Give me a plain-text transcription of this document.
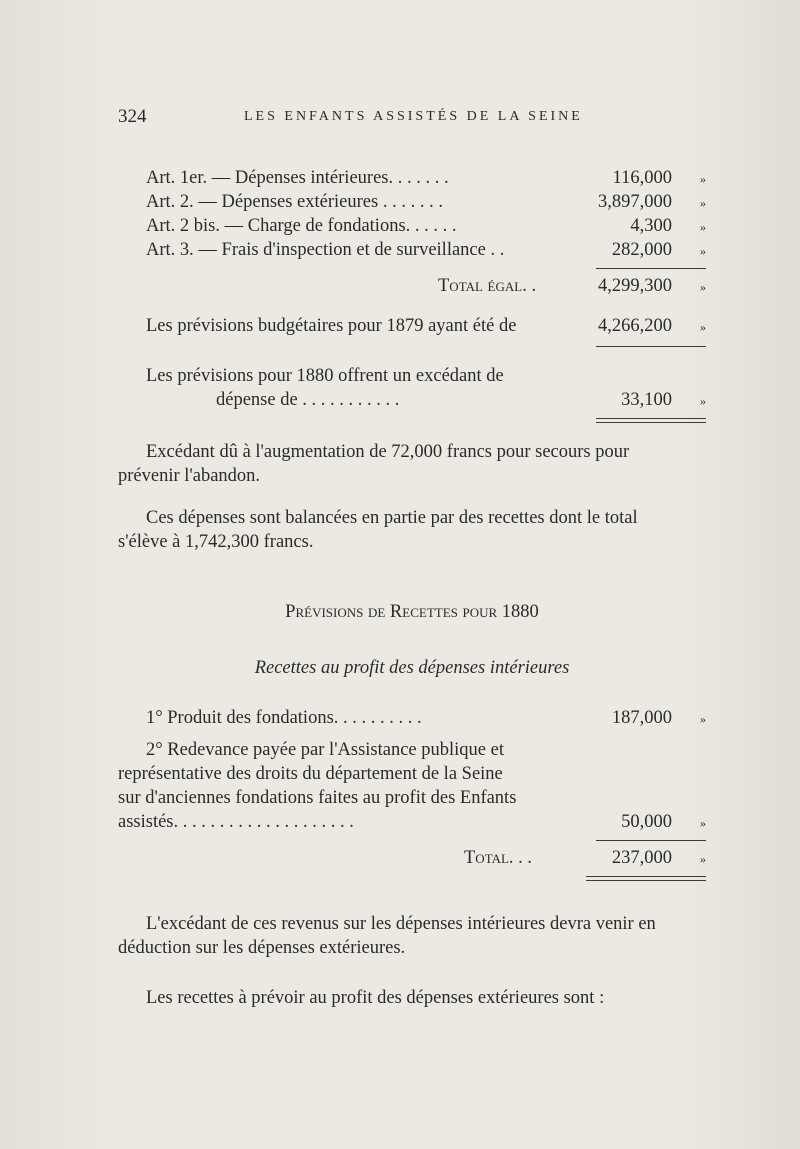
324	LES ENFANTS ASSISTÉS DE LA SEINE
Art. 1er. — Dépenses intérieures. . . . . . .	116,000 »
Art. 2. — Dépenses extérieures . . . . . . .	3,897,000 »
Art. 2 bis. — Charge de fondations. . . . . .	4,300 »
Art. 3. — Frais d'inspection et de surveillance . .	282,000 »
Total égal. .	4,299,300 »
Les prévisions budgétaires pour 1879 ayant été de	4,266,200 »
Les prévisions pour 1880 offrent un excédant de
dépense de . . . . . . . . . . .	33,100 »
Excédant dû à l'augmentation de 72,000 francs pour secours pour
prévenir l'abandon.
Ces dépenses sont balancées en partie par des recettes dont le total
s'élève à 1,742,300 francs.
Prévisions de Recettes pour 1880
Recettes au profit des dépenses intérieures
1° Produit des fondations. . . . . . . . . .	187,000 »
2° Redevance payée par l'Assistance publique et
représentative des droits du département de la Seine
sur d'anciennes fondations faites au profit des Enfants
assistés. . . . . . . . . . . . . . . . . . . .	50,000 »
Total. . .	237,000 »
L'excédant de ces revenus sur les dépenses intérieures devra venir en
déduction sur les dépenses extérieures.
Les recettes à prévoir au profit des dépenses extérieures sont :
